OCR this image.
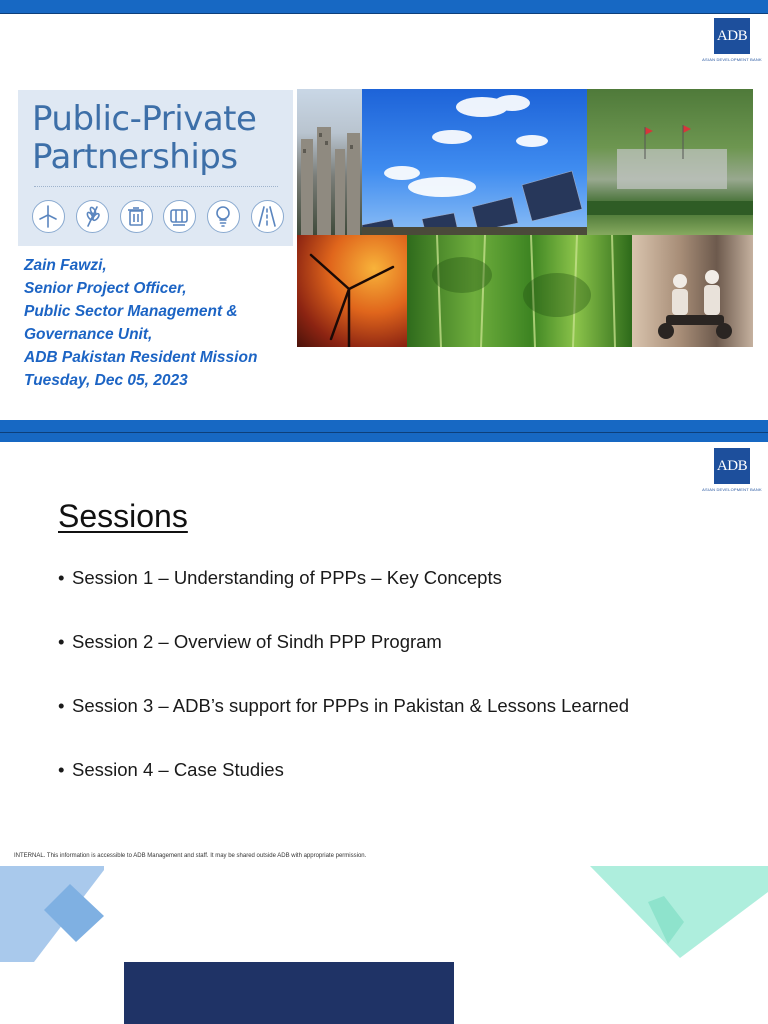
ADB
ASIAN DEVELOPMENT BANK
Public-Private
Partnerships
Zain Fawzi,
Senior Project Officer,
Public Sector Management &
Governance Unit,
ADB Pakistan Resident Mission
Tuesday, Dec 05, 2023
ADB
ASIAN DEVELOPMENT BANK
Sessions
• Session 1 – Understanding of PPPs – Key Concepts
• Session 2 – Overview of Sindh PPP Program
• Session 3 – ADB’s support for PPPs in Pakistan & Lessons Learned
• Session 4 – Case Studies
INTERNAL. This information is accessible to ADB Management and staff. It may be shared outside ADB with appropriate permission.
